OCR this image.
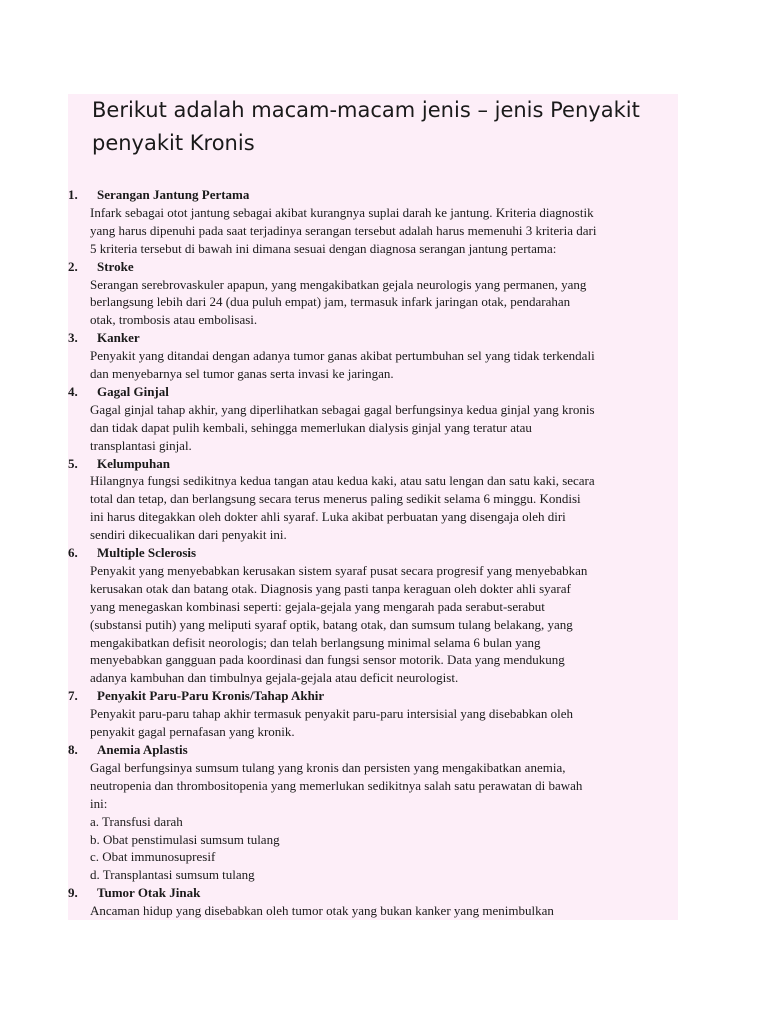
Berikut adalah macam-macam jenis – jenis Penyakit
penyakit Kronis
1. Serangan Jantung Pertama
Infark sebagai otot jantung sebagai akibat kurangnya suplai darah ke jantung. Kriteria diagnostik
yang harus dipenuhi pada saat terjadinya serangan tersebut adalah harus memenuhi 3 kriteria dari
5 kriteria tersebut di bawah ini dimana sesuai dengan diagnosa serangan jantung pertama:
2. Stroke
Serangan serebrovaskuler apapun, yang mengakibatkan gejala neurologis yang permanen, yang
berlangsung lebih dari 24 (dua puluh empat) jam, termasuk infark jaringan otak, pendarahan
otak, trombosis atau embolisasi.
3. Kanker
Penyakit yang ditandai dengan adanya tumor ganas akibat pertumbuhan sel yang tidak terkendali
dan menyebarnya sel tumor ganas serta invasi ke jaringan.
4. Gagal Ginjal
Gagal ginjal tahap akhir, yang diperlihatkan sebagai gagal berfungsinya kedua ginjal yang kronis
dan tidak dapat pulih kembali, sehingga memerlukan dialysis ginjal yang teratur atau
transplantasi ginjal.
5. Kelumpuhan
Hilangnya fungsi sedikitnya kedua tangan atau kedua kaki, atau satu lengan dan satu kaki, secara
total dan tetap, dan berlangsung secara terus menerus paling sedikit selama 6 minggu. Kondisi
ini harus ditegakkan oleh dokter ahli syaraf. Luka akibat perbuatan yang disengaja oleh diri
sendiri dikecualikan dari penyakit ini.
6. Multiple Sclerosis
Penyakit yang menyebabkan kerusakan sistem syaraf pusat secara progresif yang menyebabkan
kerusakan otak dan batang otak. Diagnosis yang pasti tanpa keraguan oleh dokter ahli syaraf
yang menegaskan kombinasi seperti: gejala-gejala yang mengarah pada serabut-serabut
(substansi putih) yang meliputi syaraf optik, batang otak, dan sumsum tulang belakang, yang
mengakibatkan defisit neorologis; dan telah berlangsung minimal selama 6 bulan yang
menyebabkan gangguan pada koordinasi dan fungsi sensor motorik. Data yang mendukung
adanya kambuhan dan timbulnya gejala-gejala atau deficit neurologist.
7. Penyakit Paru-Paru Kronis/Tahap Akhir
Penyakit paru-paru tahap akhir termasuk penyakit paru-paru intersisial yang disebabkan oleh
penyakit gagal pernafasan yang kronik.
8. Anemia Aplastis
Gagal berfungsinya sumsum tulang yang kronis dan persisten yang mengakibatkan anemia,
neutropenia dan thrombositopenia yang memerlukan sedikitnya salah satu perawatan di bawah
ini:
a. Transfusi darah
b. Obat penstimulasi sumsum tulang
c. Obat immunosupresif
d. Transplantasi sumsum tulang
9. Tumor Otak Jinak
Ancaman hidup yang disebabkan oleh tumor otak yang bukan kanker yang menimbulkan
